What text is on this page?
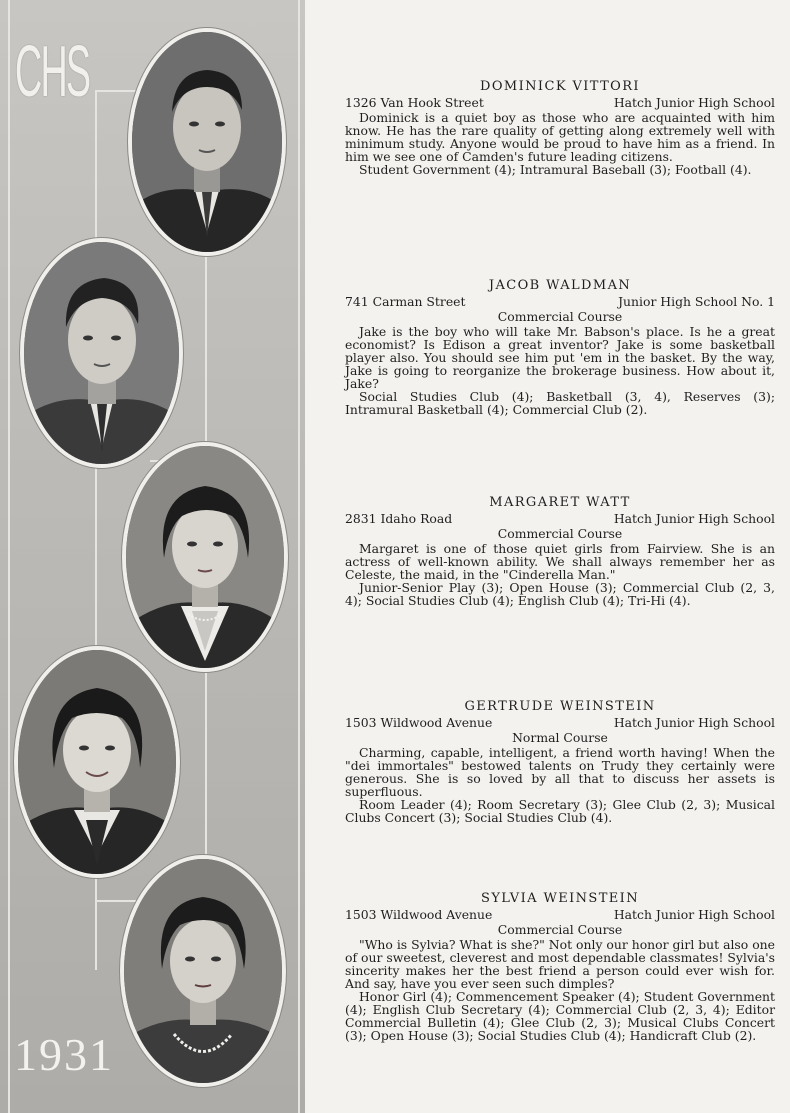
CHS
1931
DOMINICK VITTORI
1326 Van Hook Street	Hatch Junior High School

Dominick is a quiet boy as those who are acquainted with him know. He has the rare quality of getting along extremely well with minimum study. Anyone would be proud to have him as a friend. In him we see one of Camden's future leading citizens.

Student Government (4); Intramural Baseball (3); Football (4).

JACOB WALDMAN
741 Carman Street	Junior High School No. 1
Commercial Course

Jake is the boy who will take Mr. Babson's place. Is he a great economist? Is Edison a great inventor? Jake is some basketball player also. You should see him put 'em in the basket. By the way, Jake is going to reorganize the brokerage business. How about it, Jake?

Social Studies Club (4); Basketball (3, 4), Reserves (3); Intramural Basketball (4); Commercial Club (2).

MARGARET WATT
2831 Idaho Road	Hatch Junior High School
Commercial Course

Margaret is one of those quiet girls from Fairview. She is an actress of well-known ability. We shall always remember her as Celeste, the maid, in the "Cinderella Man."

Junior-Senior Play (3); Open House (3); Commercial Club (2, 3, 4); Social Studies Club (4); English Club (4); Tri-Hi (4).

GERTRUDE WEINSTEIN
1503 Wildwood Avenue	Hatch Junior High School
Normal Course

Charming, capable, intelligent, a friend worth having! When the "dei immortales" bestowed talents on Trudy they certainly were generous. She is so loved by all that to discuss her assets is superfluous.

Room Leader (4); Room Secretary (3); Glee Club (2, 3); Musical Clubs Concert (3); Social Studies Club (4).

SYLVIA WEINSTEIN
1503 Wildwood Avenue	Hatch Junior High School
Commercial Course

"Who is Sylvia? What is she?" Not only our honor girl but also one of our sweetest, cleverest and most dependable classmates! Sylvia's sincerity makes her the best friend a person could ever wish for. And say, have you ever seen such dimples?

Honor Girl (4); Commencement Speaker (4); Student Government (4); English Club Secretary (4); Commercial Club (2, 3, 4); Editor Commercial Bulletin (4); Glee Club (2, 3); Musical Clubs Concert (3); Open House (3); Social Studies Club (4); Handicraft Club (2).
